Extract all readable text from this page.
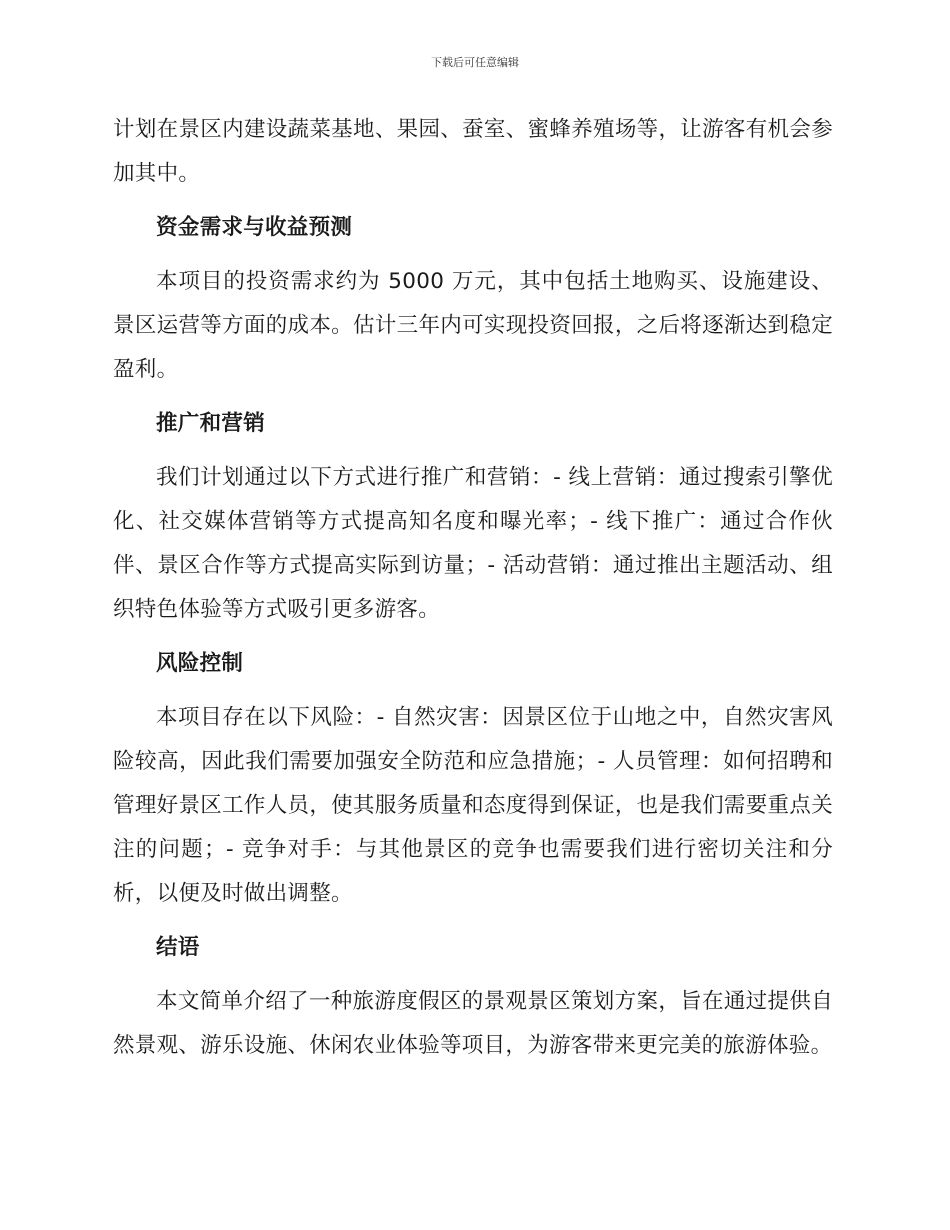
下载后可任意编辑

计划在景区内建设蔬菜基地、果园、蚕室、蜜蜂养殖场等，让游客有机会参加其中。

资金需求与收益预测

本项目的投资需求约为 5000 万元，其中包括土地购买、设施建设、景区运营等方面的成本。估计三年内可实现投资回报，之后将逐渐达到稳定盈利。

推广和营销

我们计划通过以下方式进行推广和营销：- 线上营销：通过搜索引擎优化、社交媒体营销等方式提高知名度和曝光率；- 线下推广：通过合作伙伴、景区合作等方式提高实际到访量；- 活动营销：通过推出主题活动、组织特色体验等方式吸引更多游客。

风险控制

本项目存在以下风险：- 自然灾害：因景区位于山地之中，自然灾害风险较高，因此我们需要加强安全防范和应急措施；- 人员管理：如何招聘和管理好景区工作人员，使其服务质量和态度得到保证，也是我们需要重点关注的问题；- 竞争对手：与其他景区的竞争也需要我们进行密切关注和分析，以便及时做出调整。

结语

本文简单介绍了一种旅游度假区的景观景区策划方案，旨在通过提供自然景观、游乐设施、休闲农业体验等项目，为游客带来更完美的旅游体验。
